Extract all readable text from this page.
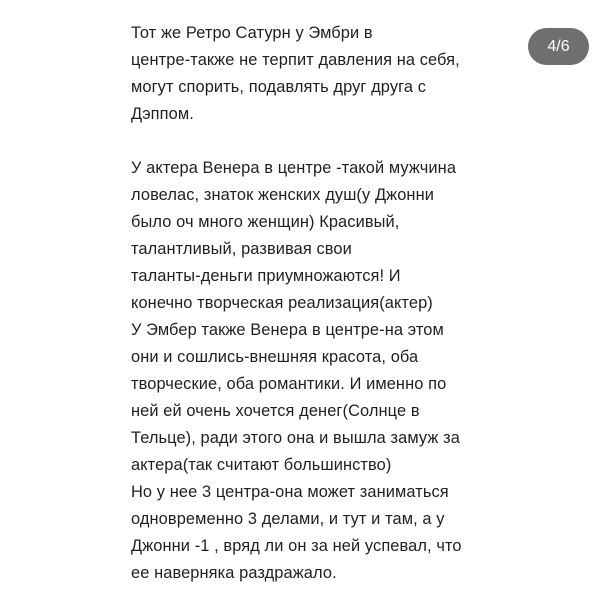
Тот же Ретро Сатурн у Эмбри в
центре-также не терпит давления на себя,
могут спорить, подавлять друг друга с
Дэппом.
У актера Венера в центре -такой мужчина
ловелас, знаток женских душ(у Джонни
было оч много женщин) Красивый,
талантливый, развивая свои
таланты-деньги приумножаются! И
конечно творческая реализация(актер)
У Эмбер также Венера в центре-на этом
они и сошлись-внешняя красота, оба
творческие, оба романтики. И именно по
ней ей очень хочется денег(Солнце в
Тельце), ради этого она и вышла замуж за
актера(так считают большинство)
Но у нее 3 центра-она может заниматься
одновременно 3 делами, и тут и там, а у
Джонни -1 , вряд ли он за ней успевал, что
ее наверняка раздражало.
4/6
